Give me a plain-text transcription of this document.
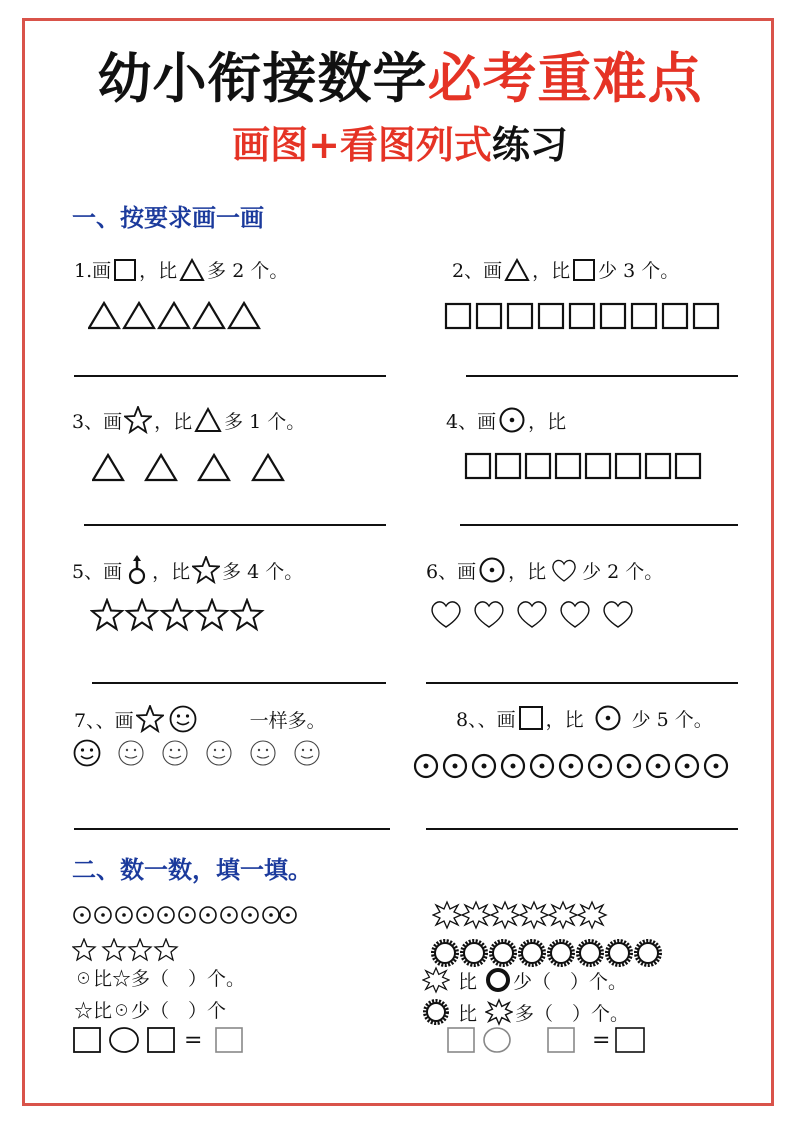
幼小衔接数学必考重难点
画图+看图列式练习
一、按要求画一画
1.画 ，比 多 2 个。	2、画 ，比 少 3 个。
3、画 ，比 多 1 个。	4、画 ，比
5、画 ，比 多 4 个。	6、画 ，比 少 2 个。
7、、画	一样多。	8、、画 ，比	少 5 个。
二、数一数，填一填。
☉比☆多（　）个。
☆比☉少（　）个
=
比 少（　）个。
比 多（　）个。
=
